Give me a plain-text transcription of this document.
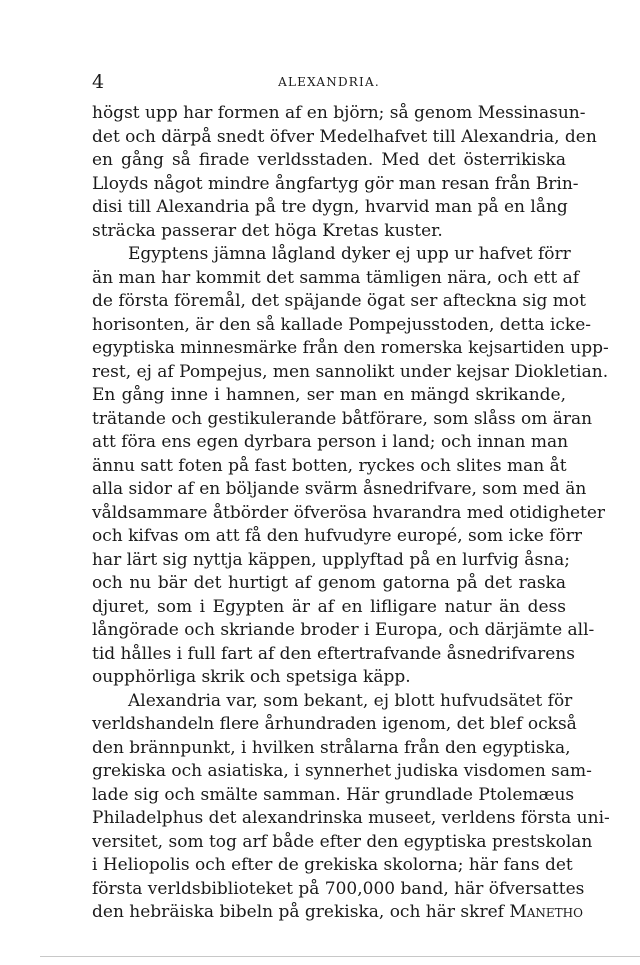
4	ALEXANDRIA.
högst upp har formen af en björn; så genom Messinasun-
det och därpå snedt öfver Medelhafvet till Alexandria, den
en gång så firade verldsstaden. Med det österrikiska
Lloyds något mindre ångfartyg gör man resan från Brin-
disi till Alexandria på tre dygn, hvarvid man på en lång
sträcka passerar det höga Kretas kuster.
Egyptens jämna lågland dyker ej upp ur hafvet förr
än man har kommit det samma tämligen nära, och ett af
de första föremål, det späjande ögat ser afteckna sig mot
horisonten, är den så kallade Pompejusstoden, detta icke-
egyptiska minnesmärke från den romerska kejsartiden upp-
rest, ej af Pompejus, men sannolikt under kejsar Diokletian.
En gång inne i hamnen, ser man en mängd skrikande,
trätande och gestikulerande båtförare, som slåss om äran
att föra ens egen dyrbara person i land; och innan man
ännu satt foten på fast botten, ryckes och slites man åt
alla sidor af en böljande svärm åsnedrifvare, som med än
våldsammare åtbörder öfverösa hvarandra med otidigheter
och kifvas om att få den hufvudyre europé, som icke förr
har lärt sig nyttja käppen, upplyftad på en lurfvig åsna;
och nu bär det hurtigt af genom gatorna på det raska
djuret, som i Egypten är af en lifligare natur än dess
långörade och skriande broder i Europa, och därjämte all-
tid hålles i full fart af den eftertrafvande åsnedrifvarens
oupphörliga skrik och spetsiga käpp.
Alexandria var, som bekant, ej blott hufvudsätet för
verldshandeln flere århundraden igenom, det blef också
den brännpunkt, i hvilken strålarna från den egyptiska,
grekiska och asiatiska, i synnerhet judiska visdomen sam-
lade sig och smälte samman. Här grundlade Ptolemæus
Philadelphus det alexandrinska museet, verldens första uni-
versitet, som tog arf både efter den egyptiska prestskolan
i Heliopolis och efter de grekiska skolorna; här fans det
första verldsbiblioteket på 700,000 band, här öfversattes
den hebräiska bibeln på grekiska, och här skref Manetho
